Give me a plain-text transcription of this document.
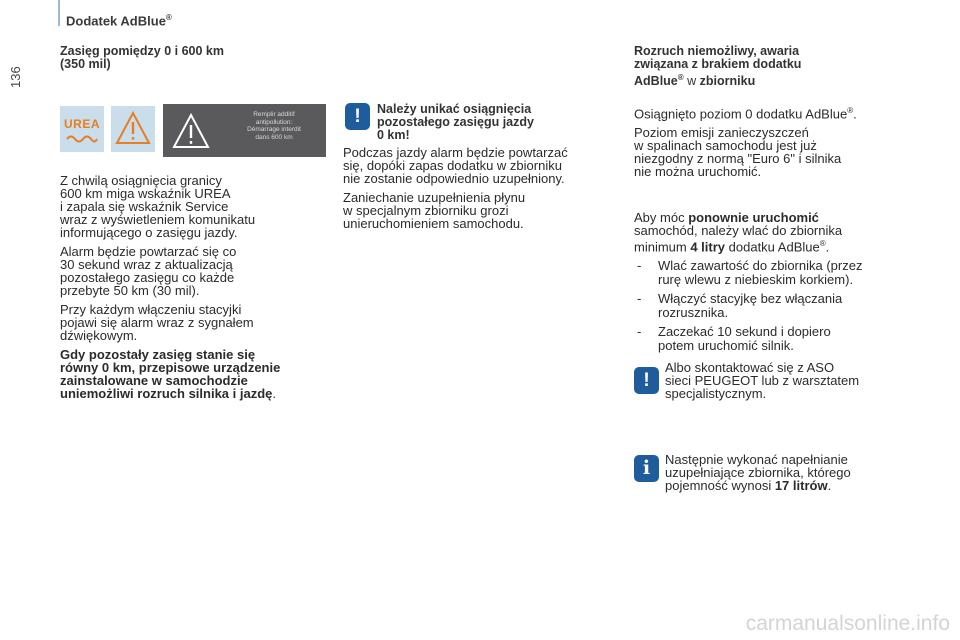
Dodatek AdBlue®
136
Zasięg pomiędzy 0 i 600 km
(350 mil)
UREA
Remplir additif
antipollution:
Démarrage interdit
dans 600 km

Z chwilą osiągnięcia granicy
600 km miga wskaźnik UREA
i zapala się wskaźnik Service
wraz z wyświetleniem komunikatu
informującego o zasięgu jazdy.

Alarm będzie powtarzać się co
30 sekund wraz z aktualizacją
pozostałego zasięgu co każde
przebyte 50 km (30 mil).

Przy każdym włączeniu stacyjki
pojawi się alarm wraz z sygnałem
dźwiękowym.

Gdy pozostały zasięg stanie się
równy 0 km, przepisowe urządzenie
zainstalowane w samochodzie
uniemożliwi rozruch silnika i jazdę.

!	Należy unikać osiągnięcia
pozostałego zasięgu jazdy
0 km!

Podczas jazdy alarm będzie powtarzać
się, dopóki zapas dodatku w zbiorniku
nie zostanie odpowiednio uzupełniony.

Zaniechanie uzupełnienia płynu
w specjalnym zbiorniku grozi
unieruchomieniem samochodu.

Rozruch niemożliwy, awaria
związana z brakiem dodatku
AdBlue® w zbiorniku

Osiągnięto poziom 0 dodatku AdBlue®.

Poziom emisji zanieczyszczeń
w spalinach samochodu jest już
niezgodny z normą "Euro 6" i silnika
nie można uruchomić.

Aby móc ponownie uruchomić
samochód, należy wlać do zbiornika
minimum 4 litry dodatku AdBlue®.

- Wlać zawartość do zbiornika (przez
rurę wlewu z niebieskim korkiem).
- Włączyć stacyjkę bez włączania
rozrusznika.
- Zaczekać 10 sekund i dopiero
potem uruchomić silnik.
!
Albo skontaktować się z ASO
sieci PEUGEOT lub z warsztatem
specjalistycznym.
i	Następnie wykonać napełnianie
uzupełniające zbiornika, którego
pojemność wynosi 17 litrów.
carmanualsonline.info
